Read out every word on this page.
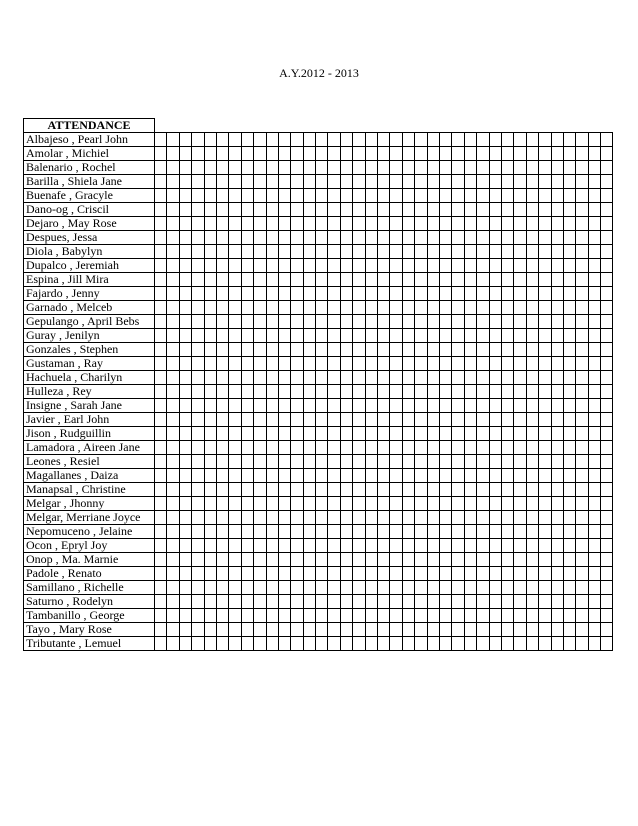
A.Y.2012 - 2013
ATTENDANCE																																					
Albajeso , Pearl John																																					
Amolar , Michiel																																					
Balenario , Rochel																																					
Barilla , Shiela Jane																																					
Buenafe , Gracyle																																					
Dano-og , Criscil																																					
Dejaro , May Rose																																					
Despues, Jessa																																					
Diola , Babylyn																																					
Dupalco , Jeremiah																																					
Espina , Jill Mira																																					
Fajardo , Jenny																																					
Garnado , Melceb																																					
Gepulango , April Bebs																																					
Guray , Jenilyn																																					
Gonzales , Stephen																																					
Gustaman , Ray																																					
Hachuela , Charilyn																																					
Hulleza , Rey																																					
Insigne , Sarah Jane																																					
Javier , Earl John																																					
Jison , Rudguillin																																					
Lamadora , Aireen Jane																																					
Leones , Resiel																																					
Magallanes , Daiza																																					
Manapsal , Christine																																					
Melgar , Jhonny																																					
Melgar, Merriane Joyce																																					
Nepomuceno , Jelaine																																					
Ocon , Epryl Joy																																					
Onop , Ma. Marnie																																					
Padole , Renato																																					
Samillano , Richelle																																					
Saturno , Rodelyn																																					
Tambanillo , George																																					
Tayo , Mary Rose																																					
Tributante , Lemuel																																					
